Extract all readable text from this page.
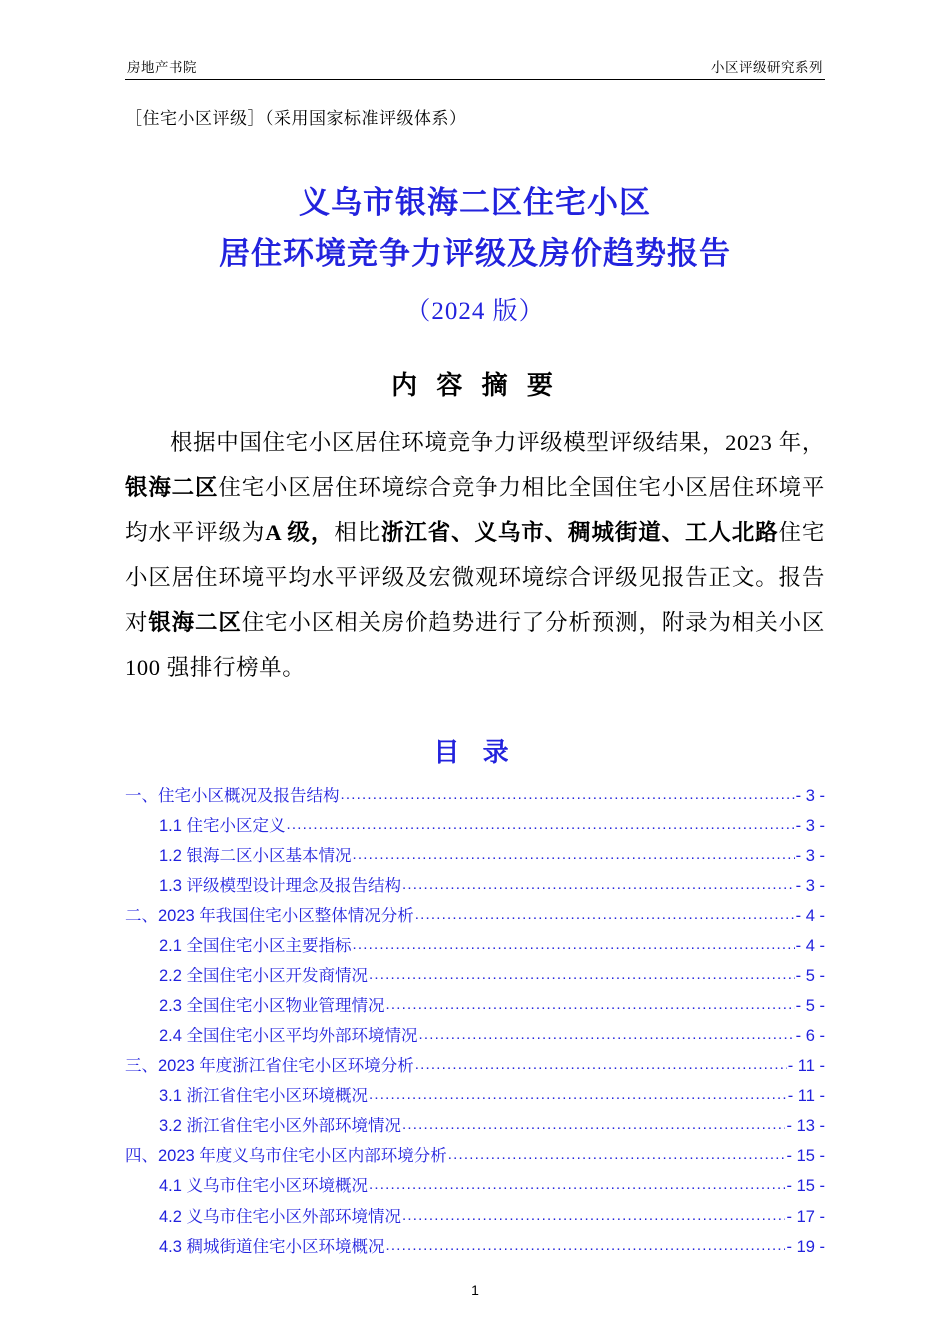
房地产书院	小区评级研究系列
［住宅小区评级］（采用国家标准评级体系）
义乌市银海二区住宅小区
居住环境竞争力评级及房价趋势报告
（2024 版）
内 容 摘 要
根据中国住宅小区居住环境竞争力评级模型评级结果，2023 年，银海二区住宅小区居住环境综合竞争力相比全国住宅小区居住环境平均水平评级为A 级，相比浙江省、义乌市、稠城街道、工人北路住宅小区居住环境平均水平评级及宏微观环境综合评级见报告正文。报告对银海二区住宅小区相关房价趋势进行了分析预测，附录为相关小区 100 强排行榜单。
目 录
一、住宅小区概况及报告结构 .....	- 3 -
1.1 住宅小区定义 .....	- 3 -
1.2 银海二区小区基本情况 .....	- 3 -
1.3 评级模型设计理念及报告结构 .....	- 3 -
二、2023 年我国住宅小区整体情况分析 .....	- 4 -
2.1 全国住宅小区主要指标 .....	- 4 -
2.2 全国住宅小区开发商情况 .....	- 5 -
2.3 全国住宅小区物业管理情况 .....	- 5 -
2.4 全国住宅小区平均外部环境情况 .....	- 6 -
三、2023 年度浙江省住宅小区环境分析 .....	- 11 -
3.1 浙江省住宅小区环境概况 .....	- 11 -
3.2 浙江省住宅小区外部环境情况 .....	- 13 -
四、2023 年度义乌市住宅小区内部环境分析 .....	- 15 -
4.1 义乌市住宅小区环境概况 .....	- 15 -
4.2 义乌市住宅小区外部环境情况 .....	- 17 -
4.3 稠城街道住宅小区环境概况 .....	- 19 -
1
